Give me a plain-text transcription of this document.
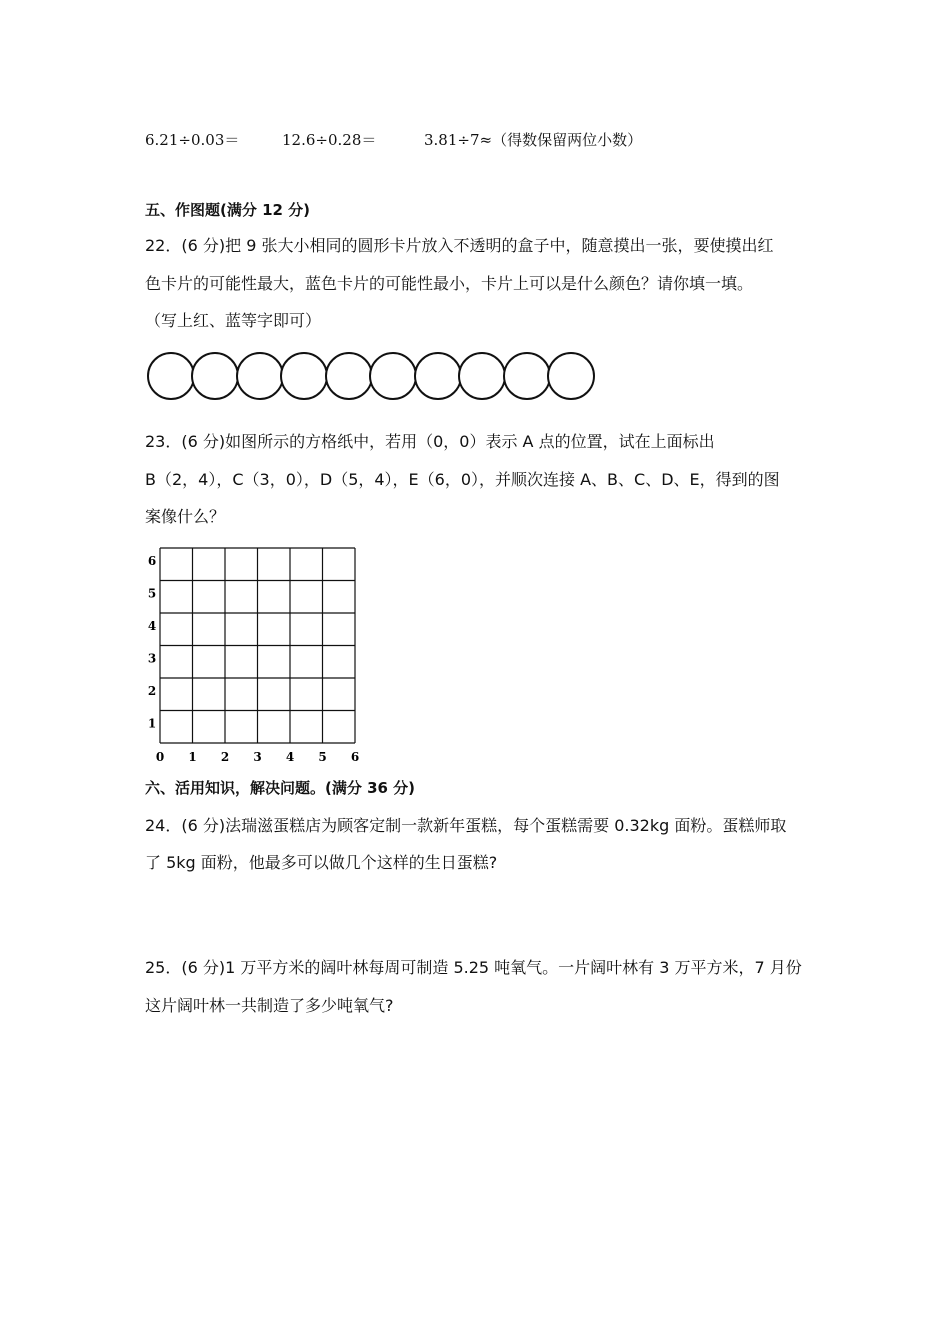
6.21÷0.03＝	12.6÷0.28＝	3.81÷7≈（得数保留两位小数）
五、作图题(满分 12 分)
22．(6 分)把 9 张大小相同的圆形卡片放入不透明的盒子中，随意摸出一张，要使摸出红
色卡片的可能性最大，蓝色卡片的可能性最小，卡片上可以是什么颜色？请你填一填。
（写上红、蓝等字即可）
23．(6 分)如图所示的方格纸中，若用（0，0）表示 A 点的位置，试在上面标出
B（2，4），C（3，0），D（5，4），E（6，0），并顺次连接 A、B、C、D、E，得到的图
案像什么？
0 1 2 3 4 5 6
1
2
3
4
5
6
六、活用知识，解决问题。(满分 36 分)
24．(6 分)法瑞滋蛋糕店为顾客定制一款新年蛋糕，每个蛋糕需要 0.32kg 面粉。蛋糕师取
了 5kg 面粉，他最多可以做几个这样的生日蛋糕?
25．(6 分)1 万平方米的阔叶林每周可制造 5.25 吨氧气。一片阔叶林有 3 万平方米，7 月份
这片阔叶林一共制造了多少吨氧气?
